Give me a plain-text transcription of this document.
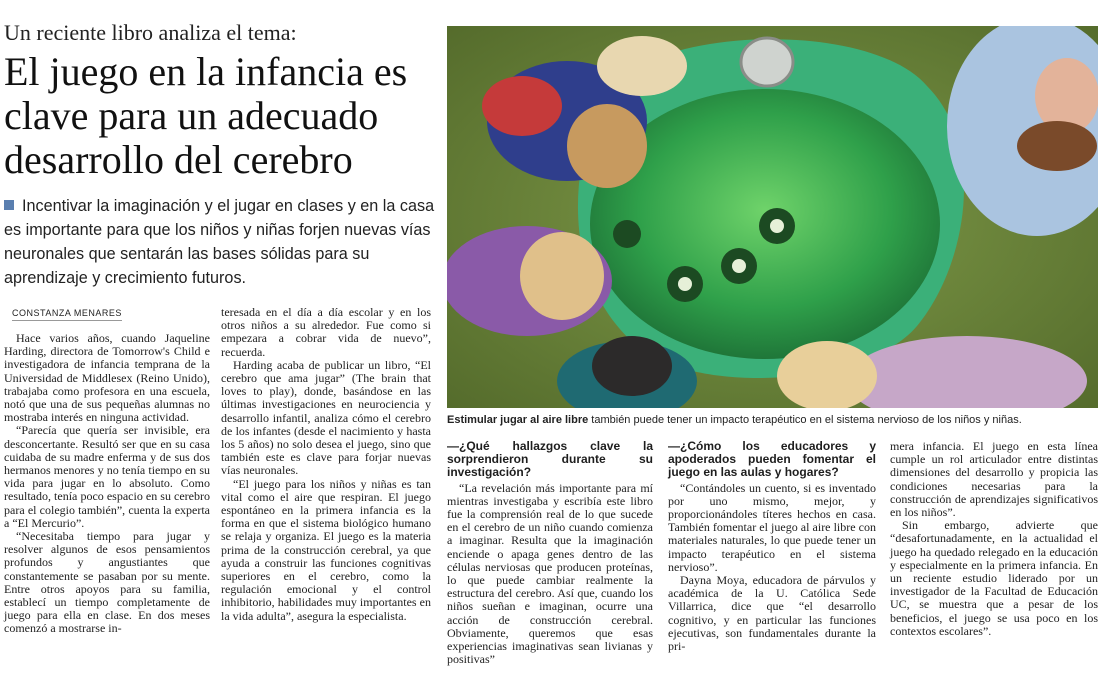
Un reciente libro analiza el tema:
El juego en la infancia es clave para un adecuado desarrollo del cerebro
Incentivar la imaginación y el jugar en clases y en la casa es importante para que los niños y niñas forjen nuevas vías neuronales que sentarán las bases sólidas para su aprendizaje y crecimiento futuros.
CONSTANZA MENARES

Hace varios años, cuando Jaqueline Harding, directora de Tomorrow's Child e investigadora de infancia temprana de la Universidad de Middlesex (Reino Unido), trabajaba como profesora en una escuela, notó que una de sus pequeñas alumnas no mostraba interés en ninguna actividad.

“Parecía que quería ser invisible, era desconcertante. Resultó ser que en su casa cuidaba de su madre enferma y de sus dos hermanos menores y no tenía tiempo en su vida para jugar en lo absoluto. Como resultado, tenía poco espacio en su cerebro para el colegio también”, cuenta la experta a “El Mercurio”.

“Necesitaba tiempo para jugar y resolver algunos de esos pensamientos profundos y angustiantes que constantemente se pasaban por su mente. Entre otros apoyos para su familia, establecí un tiempo completamente de juego para ella en clase. En dos meses comenzó a mostrarse in-

teresada en el día a día escolar y en los otros niños a su alrededor. Fue como si empezara a cobrar vida de nuevo”, recuerda.

Harding acaba de publicar un libro, “El cerebro que ama jugar” (The brain that loves to play), donde, basándose en las últimas investigaciones en neurociencia y desarrollo infantil, analiza cómo el cerebro de los infantes (desde el nacimiento y hasta los 5 años) no solo desea el juego, sino que también este es clave para forjar nuevas vías neuronales.

“El juego para los niños y niñas es tan vital como el aire que respiran. El juego espontáneo en la primera infancia es la forma en que el sistema biológico humano se relaja y organiza. El juego es la materia prima de la construcción cerebral, ya que ayuda a construir las funciones cognitivas superiores en el cerebro, como la regulación emocional y el control inhibitorio, habilidades muy importantes en la vida adulta”, asegura la especialista.

Estimular jugar al aire libre también puede tener un impacto terapéutico en el sistema nervioso de los niños y niñas.
—¿Qué hallazgos clave la sorprendieron durante su investigación?

“La revelación más importante para mí mientras investigaba y escribía este libro fue la comprensión real de lo que sucede en el cerebro de un niño cuando comienza a imaginar. Resulta que la imaginación enciende o apaga genes dentro de las células nerviosas que producen proteínas, lo que puede cambiar realmente la estructura del cerebro. Así que, cuando los niños sueñan e imaginan, ocurre una acción de construcción cerebral. Obviamente, queremos que esas experiencias imaginativas sean livianas y positivas”

—¿Cómo los educadores y apoderados pueden fomentar el juego en las aulas y hogares?

“Contándoles un cuento, si es inventado por uno mismo, mejor, y proporcionándoles títeres hechos en casa. También fomentar el juego al aire libre con materiales naturales, lo que puede tener un impacto terapéutico en el sistema nervioso”.

Dayna Moya, educadora de párvulos y académica de la U. Católica Sede Villarrica, dice que “el desarrollo cognitivo, y en particular las funciones ejecutivas, son fundamentales durante la pri-

mera infancia. El juego en esta línea cumple un rol articulador entre distintas dimensiones del desarrollo y propicia las condiciones necesarias para la construcción de aprendizajes significativos en los niños”.

Sin embargo, advierte que “desafortunadamente, en la actualidad el juego ha quedado relegado en la educación y especialmente en la primera infancia. En un reciente estudio liderado por un investigador de la Facultad de Educación UC, se muestra que a pesar de los beneficios, el juego se usa poco en los contextos escolares”.
